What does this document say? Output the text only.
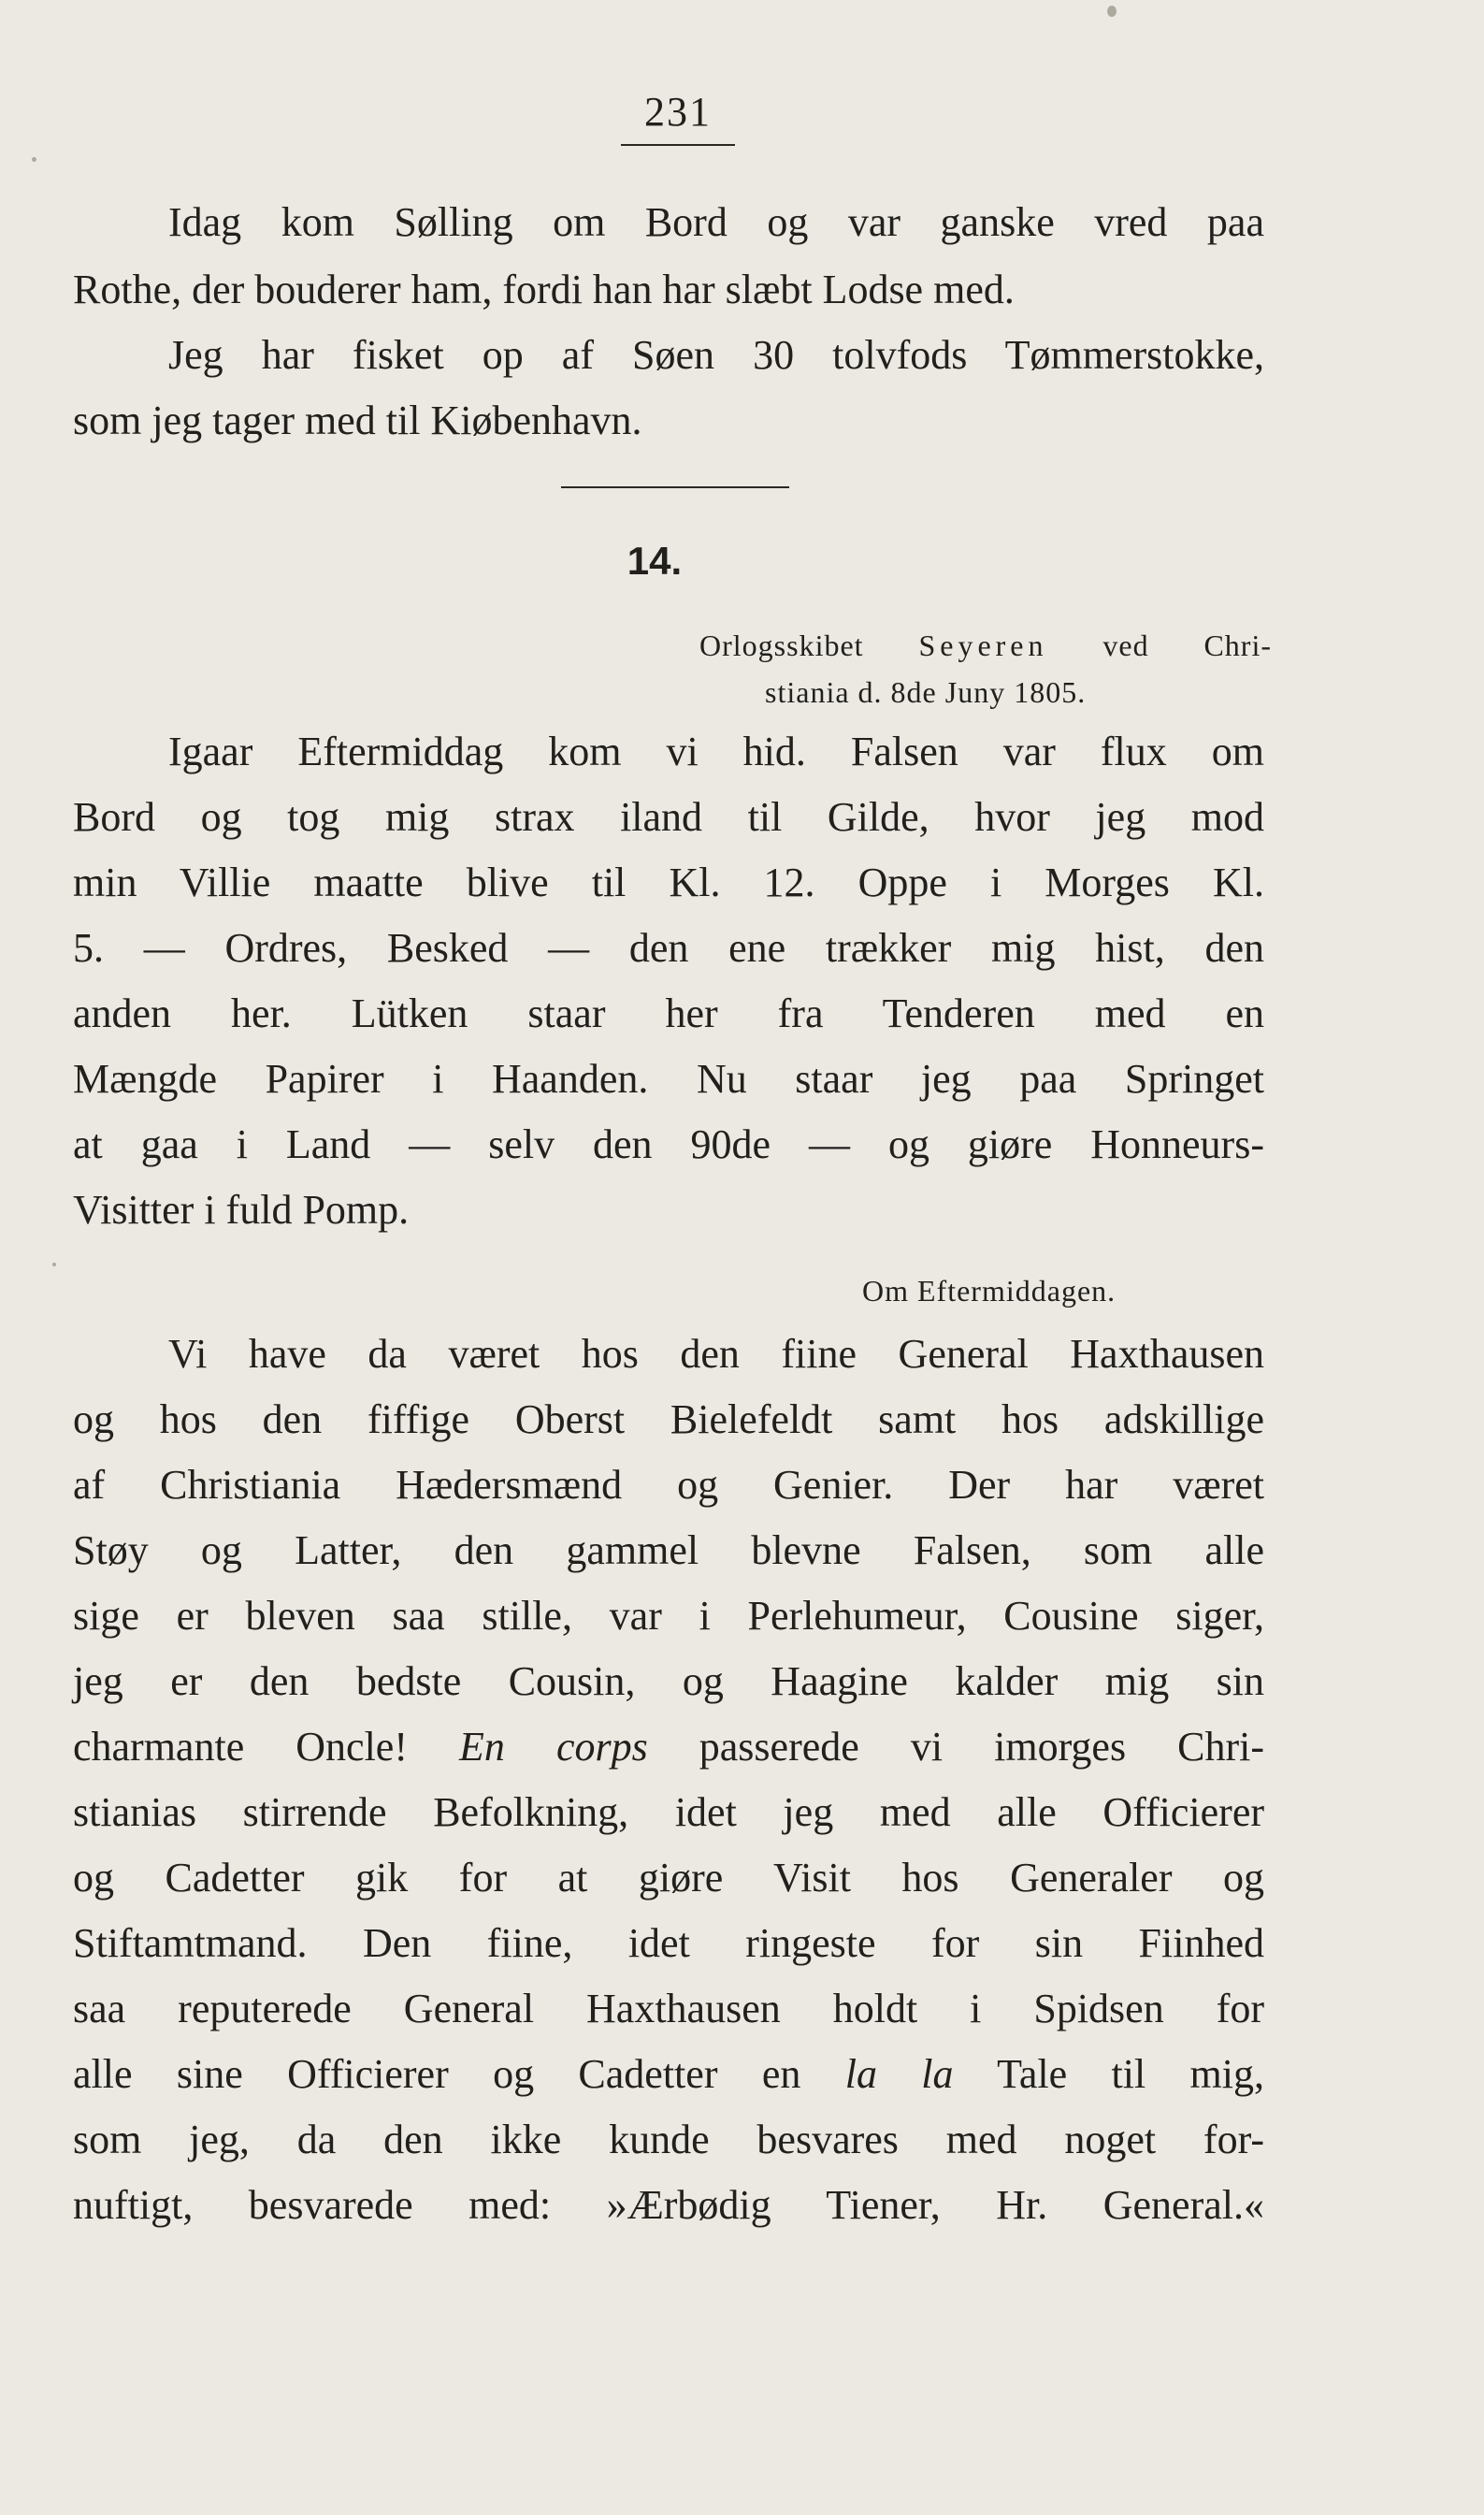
231
Idag kom Sølling om Bord og var ganske vred paa
Rothe, der bouderer ham, fordi han har slæbt Lodse med.
Jeg har fisket op af Søen 30 tolvfods Tømmerstokke,
som jeg tager med til Kiøbenhavn.
14.
Orlogsskibet Seyeren ved Chri-
stiania d. 8de Juny 1805.
Igaar Eftermiddag kom vi hid. Falsen var flux om
Bord og tog mig strax iland til Gilde, hvor jeg mod
min Villie maatte blive til Kl. 12. Oppe i Morges Kl.
5. — Ordres, Besked — den ene trækker mig hist, den
anden her. Lütken staar her fra Tenderen med en
Mængde Papirer i Haanden. Nu staar jeg paa Springet
at gaa i Land — selv den 90de — og giøre Honneurs-
Visitter i fuld Pomp.
Om Eftermiddagen.
Vi have da været hos den fiine General Haxthausen
og hos den fiffige Oberst Bielefeldt samt hos adskillige
af Christiania Hædersmænd og Genier. Der har været
Støy og Latter, den gammel blevne Falsen, som alle
sige er bleven saa stille, var i Perlehumeur, Cousine siger,
jeg er den bedste Cousin, og Haagine kalder mig sin
charmante Oncle! En corps passerede vi imorges Chri-
stianias stirrende Befolkning, idet jeg med alle Officierer
og Cadetter gik for at giøre Visit hos Generaler og
Stiftamtmand. Den fiine, idet ringeste for sin Fiinhed
saa reputerede General Haxthausen holdt i Spidsen for
alle sine Officierer og Cadetter en la la Tale til mig,
som jeg, da den ikke kunde besvares med noget for-
nuftigt, besvarede med: »Ærbødig Tiener, Hr. General.«
